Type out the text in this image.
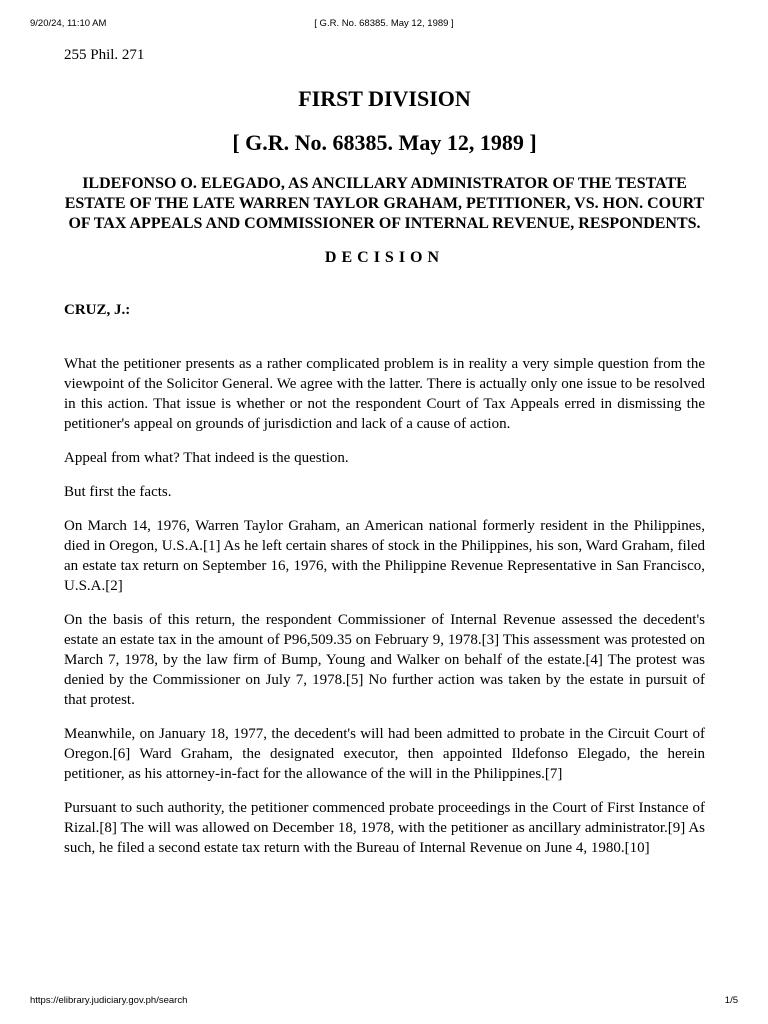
9/20/24, 11:10 AM	[ G.R. No. 68385. May 12, 1989 ]

255 Phil. 271

FIRST DIVISION
[ G.R. No. 68385. May 12, 1989 ]
ILDEFONSO O. ELEGADO, AS ANCILLARY ADMINISTRATOR OF THE TESTATE ESTATE OF THE LATE WARREN TAYLOR GRAHAM, PETITIONER, VS. HON. COURT OF TAX APPEALS AND COMMISSIONER OF INTERNAL REVENUE, RESPONDENTS.
DECISION
CRUZ, J.:

What the petitioner presents as a rather complicated problem is in reality a very simple question from the viewpoint of the Solicitor General. We agree with the latter. There is actually only one issue to be resolved in this action. That issue is whether or not the respondent Court of Tax Appeals erred in dismissing the petitioner's appeal on grounds of jurisdiction and lack of a cause of action.

Appeal from what? That indeed is the question.

But first the facts.

On March 14, 1976, Warren Taylor Graham, an American national formerly resident in the Philippines, died in Oregon, U.S.A.[1] As he left certain shares of stock in the Philippines, his son, Ward Graham, filed an estate tax return on September 16, 1976, with the Philippine Revenue Representative in San Francisco, U.S.A.[2]

On the basis of this return, the respondent Commissioner of Internal Revenue assessed the decedent's estate an estate tax in the amount of P96,509.35 on February 9, 1978.[3] This assessment was protested on March 7, 1978, by the law firm of Bump, Young and Walker on behalf of the estate.[4] The protest was denied by the Commissioner on July 7, 1978.[5] No further action was taken by the estate in pursuit of that protest.

Meanwhile, on January 18, 1977, the decedent's will had been admitted to probate in the Circuit Court of Oregon.[6] Ward Graham, the designated executor, then appointed Ildefonso Elegado, the herein petitioner, as his attorney-in-fact for the allowance of the will in the Philippines.[7]

Pursuant to such authority, the petitioner commenced probate proceedings in the Court of First Instance of Rizal.[8] The will was allowed on December 18, 1978, with the petitioner as ancillary administrator.[9] As such, he filed a second estate tax return with the Bureau of Internal Revenue on June 4, 1980.[10]

https://elibrary.judiciary.gov.ph/search	1/5
